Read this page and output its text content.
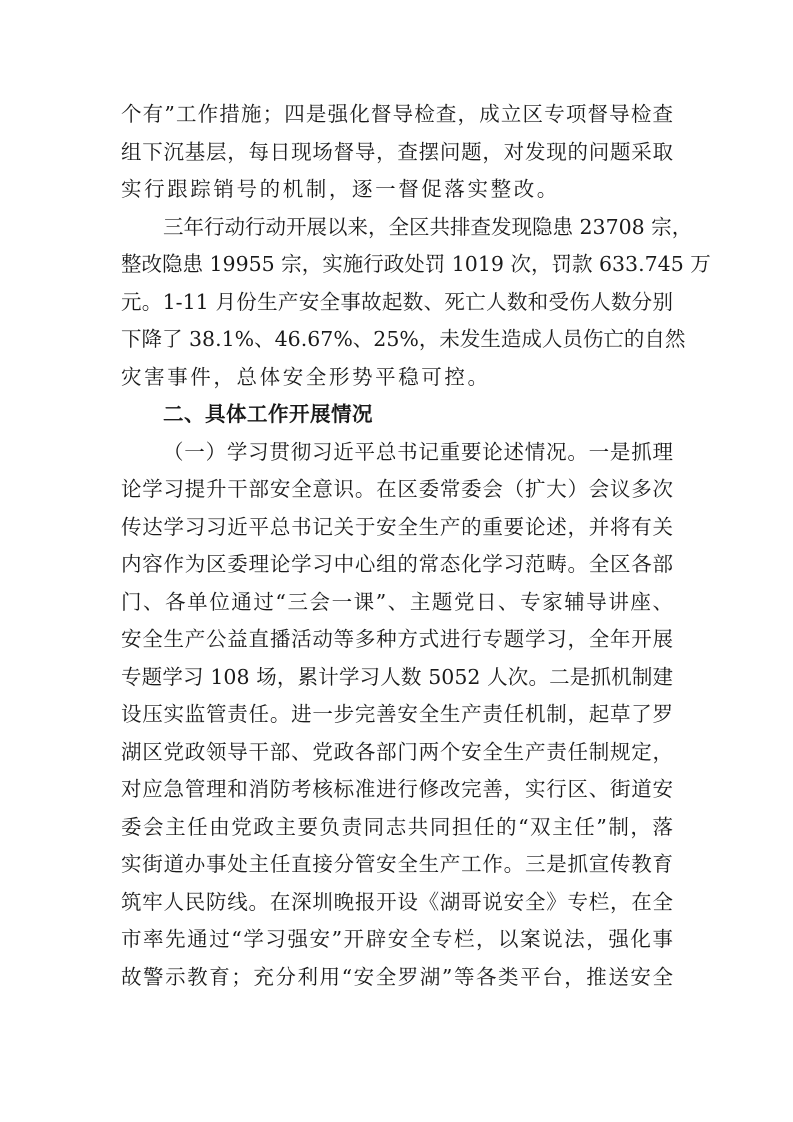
个有”工作措施；四是强化督导检查，成立区专项督导检查
组下沉基层，每日现场督导，查摆问题，对发现的问题采取
实行跟踪销号的机制，逐一督促落实整改。
三年行动行动开展以来，全区共排查发现隐患 23708 宗，
整改隐患 19955 宗，实施行政处罚 1019 次，罚款 633.745 万
元。1-11 月份生产安全事故起数、死亡人数和受伤人数分别
下降了 38.1%、46.67%、25%，未发生造成人员伤亡的自然
灾害事件，总体安全形势平稳可控。
二、具体工作开展情况
（一）学习贯彻习近平总书记重要论述情况。一是抓理
论学习提升干部安全意识。在区委常委会（扩大）会议多次
传达学习习近平总书记关于安全生产的重要论述，并将有关
内容作为区委理论学习中心组的常态化学习范畴。全区各部
门、各单位通过“三会一课”、主题党日、专家辅导讲座、
安全生产公益直播活动等多种方式进行专题学习，全年开展
专题学习 108 场，累计学习人数 5052 人次。二是抓机制建
设压实监管责任。进一步完善安全生产责任机制，起草了罗
湖区党政领导干部、党政各部门两个安全生产责任制规定，
对应急管理和消防考核标准进行修改完善，实行区、街道安
委会主任由党政主要负责同志共同担任的“双主任”制，落
实街道办事处主任直接分管安全生产工作。三是抓宣传教育
筑牢人民防线。在深圳晚报开设《湖哥说安全》专栏，在全
市率先通过“学习强安”开辟安全专栏，以案说法，强化事
故警示教育；充分利用“安全罗湖”等各类平台，推送安全
